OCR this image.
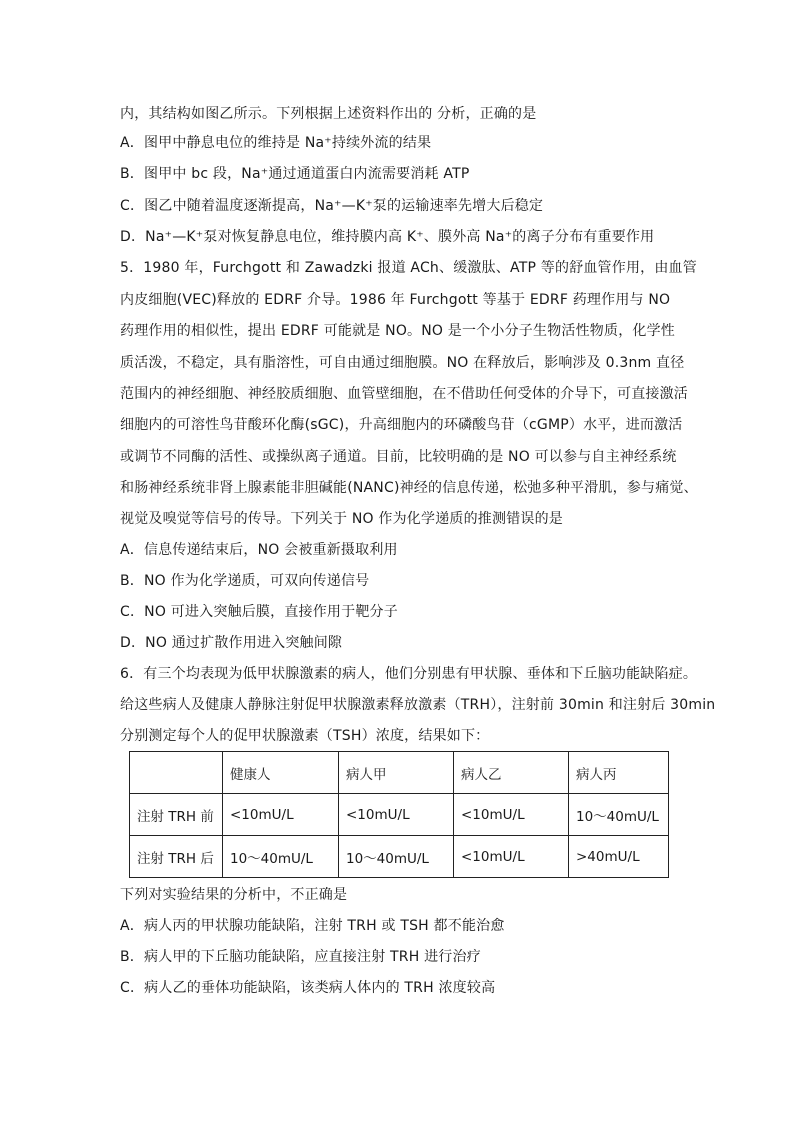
内，其结构如图乙所示。下列根据上述资料作出的 分析，正确的是
A．图甲中静息电位的维持是 Na⁺持续外流的结果
B．图甲中 bc 段，Na⁺通过通道蛋白内流需要消耗 ATP
C．图乙中随着温度逐渐提高，Na⁺—K⁺泵的运输速率先增大后稳定
D．Na⁺—K⁺泵对恢复静息电位，维持膜内高 K⁺、膜外高 Na⁺的离子分布有重要作用
5．1980 年，Furchgott 和 Zawadzki 报道 ACh、缓激肽、ATP 等的舒血管作用，由血管
内皮细胞(VEC)释放的 EDRF 介导。1986 年 Furchgott 等基于 EDRF 药理作用与 NO
药理作用的相似性，提出 EDRF 可能就是 NO。NO 是一个小分子生物活性物质，化学性
质活泼，不稳定，具有脂溶性，可自由通过细胞膜。NO 在释放后，影响涉及 0.3nm 直径
范围内的神经细胞、神经胶质细胞、血管壁细胞，在不借助任何受体的介导下，可直接激活
细胞内的可溶性鸟苷酸环化酶(sGC)，升高细胞内的环磷酸鸟苷（cGMP）水平，进而激活
或调节不同酶的活性、或操纵离子通道。目前，比较明确的是 NO 可以参与自主神经系统
和肠神经系统非肾上腺素能非胆碱能(NANC)神经的信息传递，松弛多种平滑肌，参与痛觉、
视觉及嗅觉等信号的传导。下列关于 NO 作为化学递质的推测错误的是
A．信息传递结束后，NO 会被重新摄取利用
B．NO 作为化学递质，可双向传递信号
C．NO 可进入突触后膜，直接作用于靶分子
D．NO 通过扩散作用进入突触间隙
6．有三个均表现为低甲状腺激素的病人，他们分别患有甲状腺、垂体和下丘脑功能缺陷症。
给这些病人及健康人静脉注射促甲状腺激素释放激素（TRH），注射前 30min 和注射后 30min
分别测定每个人的促甲状腺激素（TSH）浓度，结果如下：
	健康人	病人甲	病人乙	病人丙
注射 TRH 前	<10mU/L	<10mU/L	<10mU/L	10～40mU/L
注射 TRH 后	10～40mU/L	10～40mU/L	<10mU/L	>40mU/L
下列对实验结果的分析中，不正确是
A．病人丙的甲状腺功能缺陷，注射 TRH 或 TSH 都不能治愈
B．病人甲的下丘脑功能缺陷，应直接注射 TRH 进行治疗
C．病人乙的垂体功能缺陷，该类病人体内的 TRH 浓度较高
